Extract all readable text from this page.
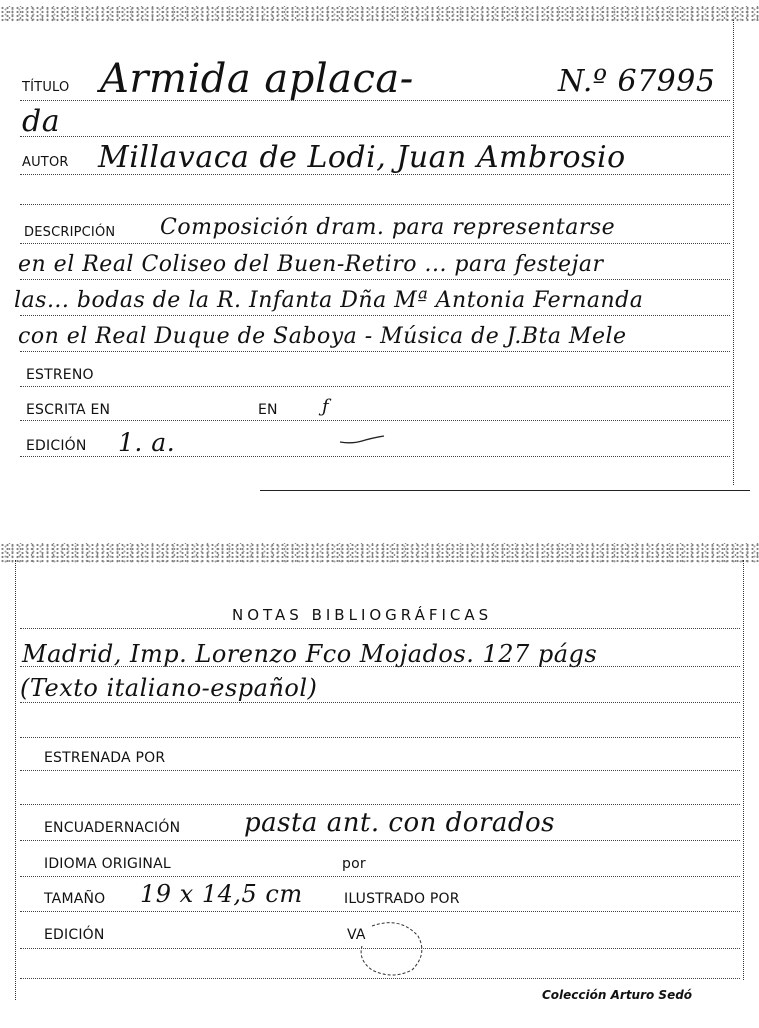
TÍTULO Armida aplaca-	N.º 67995
da
AUTOR Millavaca de Lodi, Juan Ambrosio
DESCRIPCIÓN Composición dram. para representarse
en el Real Coliseo del Buen-Retiro ... para festejar
las... bodas de la R. Infanta Dña Mª Antonia Fernanda
con el Real Duque de Saboya - Música de J.Bta Mele
ESTRENO
ESCRITA EN	EN ƒ
EDICIÓN 1. a.
NOTAS BIBLIOGRÁFICAS
Madrid, Imp. Lorenzo Fco Mojados. 127 págs
(Texto italiano-español)
ESTRENADA POR
ENCUADERNACIÓN pasta ant. con dorados
IDIOMA ORIGINAL	por
TAMAÑO 19 x 14,5 cm	ILUSTRADO POR
EDICIÓN	VA
Colección Arturo Sedó
